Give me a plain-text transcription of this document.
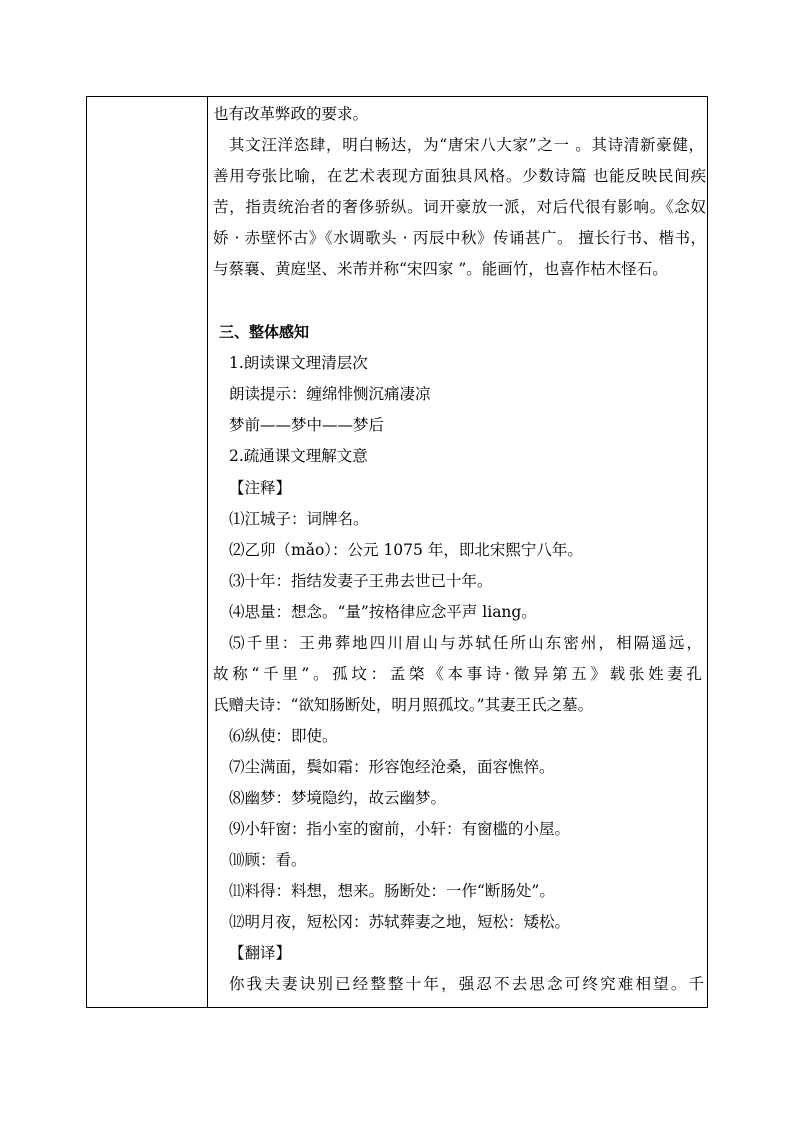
也有改革弊政的要求。
其文汪洋恣肆，明白畅达，为“唐宋八大家”之一 。其诗清新豪健，
善用夸张比喻，在艺术表现方面独具风格。少数诗篇 也能反映民间疾
苦，指责统治者的奢侈骄纵。词开豪放一派，对后代很有影响。《念奴
娇 · 赤壁怀古》《水调歌头 · 丙辰中秋》传诵甚广。 擅长行书、楷书，
与蔡襄、黄庭坚、米芾并称“宋四家 ”。能画竹，也喜作枯木怪石。
三、整体感知
1.朗读课文理清层次
朗读提示：缠绵悱恻沉痛凄凉
梦前——梦中——梦后
2.疏通课文理解文意
【注释】
⑴江城子：词牌名。
⑵乙卯（mǎo）：公元 1075 年，即北宋熙宁八年。
⑶十年：指结发妻子王弗去世已十年。
⑷思量：想念。“量”按格律应念平声 liang。
⑸千里：王弗葬地四川眉山与苏轼任所山东密州，相隔遥远，
故称“千里”。孤坟：孟棨《本事诗·徵异第五》载张姓妻孔
氏赠夫诗：“欲知肠断处，明月照孤坟。”其妻王氏之墓。
⑹纵使：即使。
⑺尘满面，鬓如霜：形容饱经沧桑，面容憔悴。
⑻幽梦：梦境隐约，故云幽梦。
⑼小轩窗：指小室的窗前，小轩：有窗槛的小屋。
⑽顾：看。
⑾料得：料想，想来。肠断处：一作“断肠处”。
⑿明月夜，短松冈：苏轼葬妻之地，短松：矮松。
【翻译】
你我夫妻诀别已经整整十年，强忍不去思念可终究难相望。千
